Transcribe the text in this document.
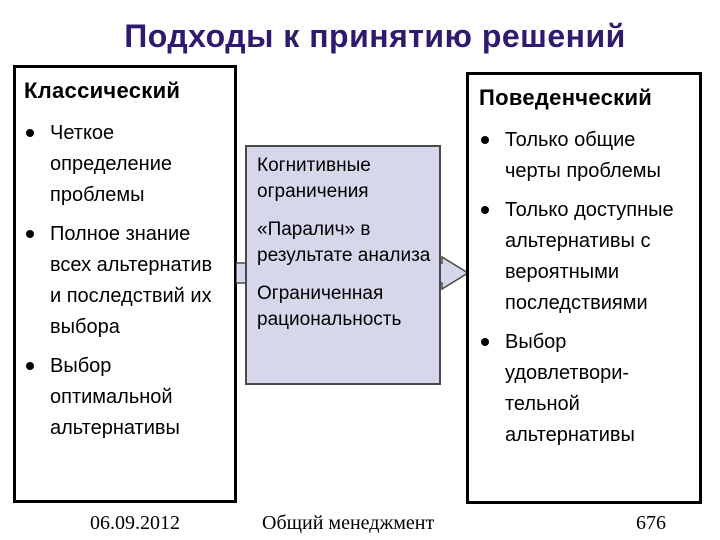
Подходы к принятию решений
Классический
Четкое определение проблемы
Полное знание всех альтернатив и последствий их выбора
Выбор оптимальной альтернативы

Когнитивные ограничения

«Паралич» в результате анализа

Ограниченная рациональность

Поведенческий
Только общие черты проблемы
Только доступные альтернативы с вероятными последствиями
Выбор удовлетвори-тельной альтернативы
06.09.2012	Общий менеджмент	676
